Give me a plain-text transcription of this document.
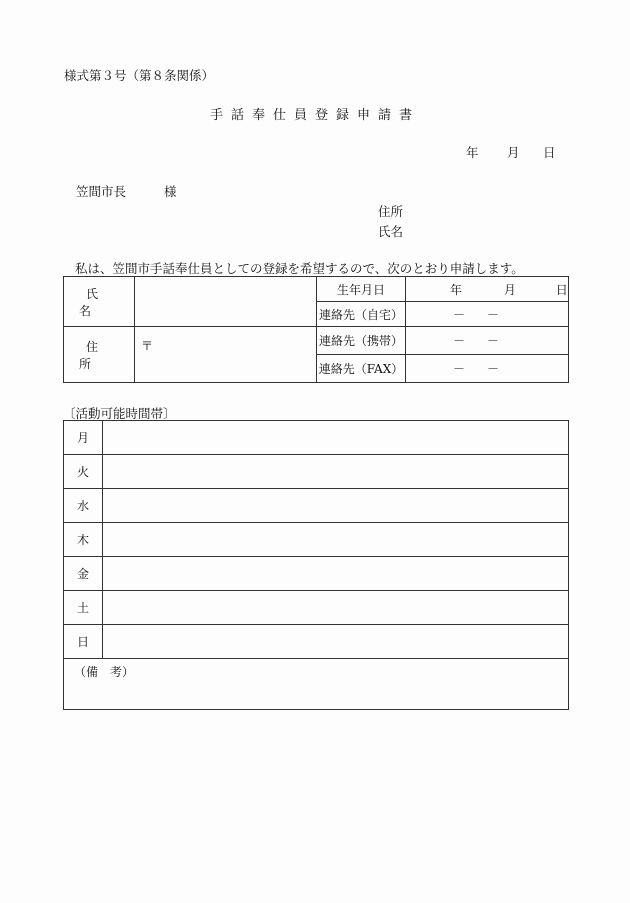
様式第３号（第８条関係）
手話奉仕員登録申請書
年 月 日
笠間市長	様
住所
氏名
私は、笠間市手話奉仕員としての登録を希望するので、次のとおり申請します。
氏名		生年月日	年 月 日
		連絡先（自宅）	－－
住所	〒	連絡先（携帯）	－－
		連絡先（FAX）	－－
〔活動可能時間帯〕
月	
火	
水	
木	
金	
土	
日	
（備　考）	
